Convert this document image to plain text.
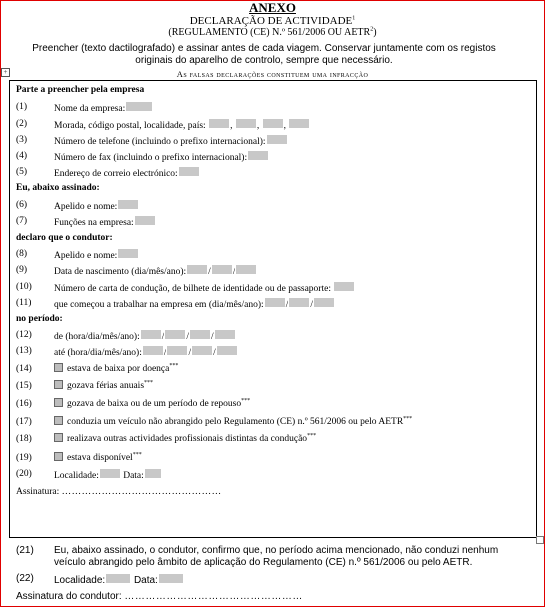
ANEXO
DECLARAÇÃO DE ACTIVIDADE$^1$
(REGULAMENTO (CE) N.º 561/2006 OU AETR$^2$)
Preencher (texto dactilografado) e assinar antes de cada viagem. Conservar juntamente com os registos originais do aparelho de controlo, sempre que necessário.
+	As falsas declarações constituem uma infracção
Parte a preencher pela empresa
(1)	Nome da empresa:
(2)	Morada, código postal, localidade, país:	, , ,
(3)	Número de telefone (incluindo o prefixo internacional):
(4)	Número de fax (incluindo o prefixo internacional):
(5)	Endereço de correio electrónico:
Eu, abaixo assinado:
(6)	Apelido e nome:
(7)	Funções na empresa:
declaro que o condutor:
(8)	Apelido e nome:
(9)	Data de nascimento (dia/mês/ano): / /
(10) Número de carta de condução, de bilhete de identidade ou de passaporte:
(11) que começou a trabalhar na empresa em (dia/mês/ano): / /
no período:
(12) de (hora/dia/mês/ano): / / /
(13) até (hora/dia/mês/ano): / / /
(14)	estava de baixa por doença***
(15)	gozava férias anuais***
(16)	gozava de baixa ou de um período de repouso***
(17)	conduzia um veículo não abrangido pelo Regulamento (CE) n.º 561/2006 ou pelo AETR***
(18)	realizava outras actividades profissionais distintas da condução***
(19)	estava disponível***
(20) Localidade:	Data:
Assinatura: …………………………………………
(21) Eu, abaixo assinado, o condutor, confirmo que, no período acima mencionado, não conduzi nenhum veículo abrangido pelo âmbito de aplicação do Regulamento (CE) n.º 561/2006 ou pelo AETR.
(22) Localidade:	Data:
Assinatura do condutor: ……………………………………………
